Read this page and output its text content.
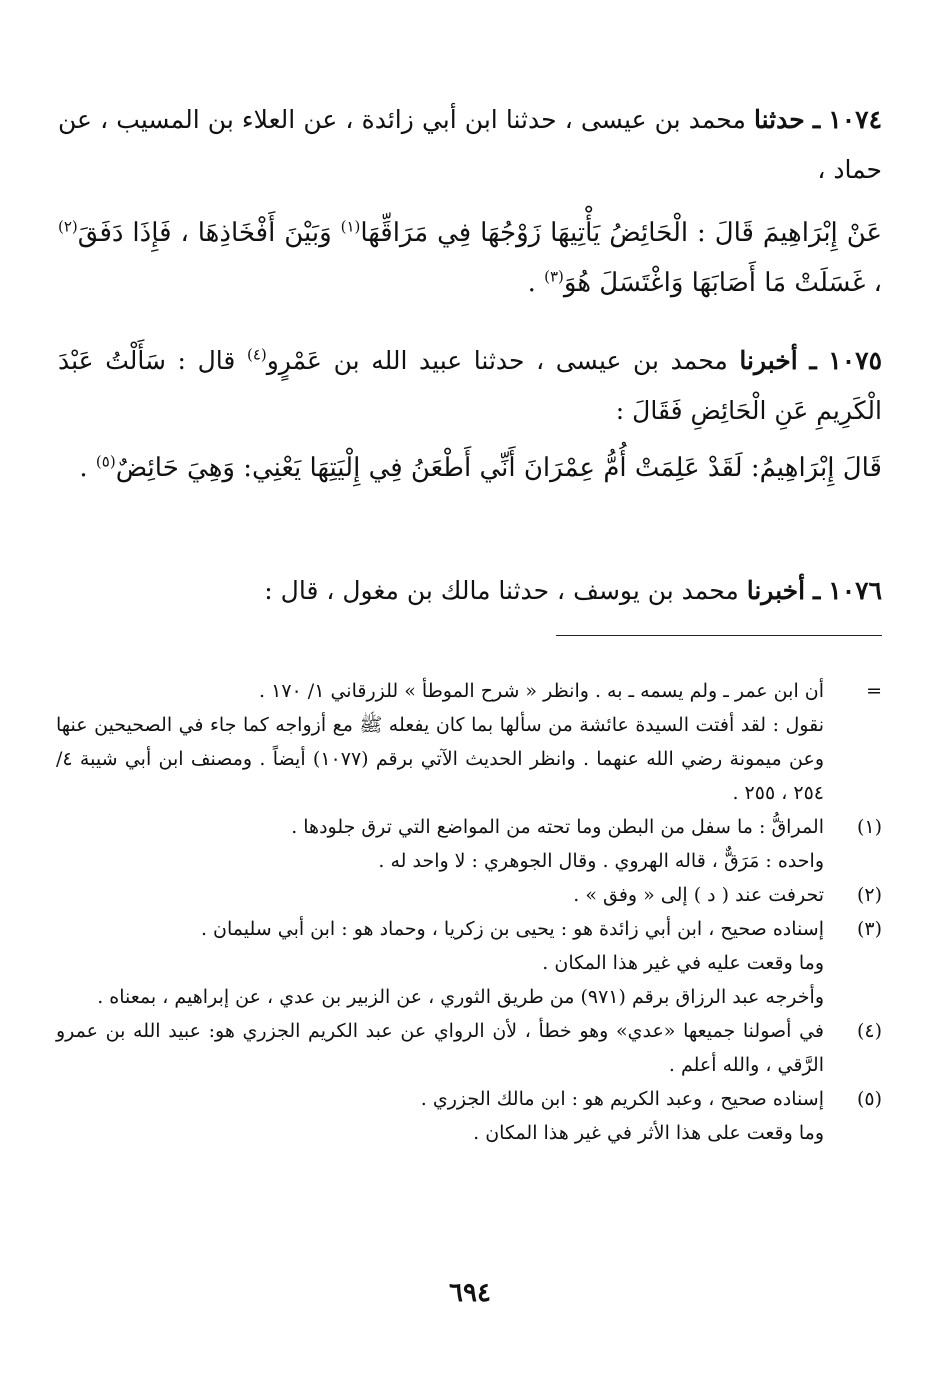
١٠٧٤ ـ حدثنا محمد بن عيسى ، حدثنا ابن أبي زائدة ، عن العلاء بن المسيب ، عن حماد ،
عَنْ إِبْرَاهِيمَ قَالَ : الْحَائِضُ يَأْتِيهَا زَوْجُهَا فِي مَرَاقِّهَا$^{(١)}$ وَبَيْنَ أَفْخَاذِهَا ، فَإِذَا دَفَقَ$^{(٢)}$ ، غَسَلَتْ مَا أَصَابَهَا وَاغْتَسَلَ هُوَ$^{(٣)}$ .
١٠٧٥ ـ أخبرنا محمد بن عيسى ، حدثنا عبيد الله بن عَمْرٍو$^{(٤)}$ قال : سَأَلْتُ عَبْدَ الْكَرِيمِ عَنِ الْحَائِضِ فَقَالَ :
قَالَ إِبْرَاهِيمُ: لَقَدْ عَلِمَتْ أُمُّ عِمْرَانَ أَنِّي أَطْعَنُ فِي إِلْيَتِهَا يَعْنِي: وَهِيَ حَائِضٌ$^{(٥)}$ .
١٠٧٦ ـ أخبرنا محمد بن يوسف ، حدثنا مالك بن مغول ، قال :
=

أن ابن عمر ـ ولم يسمه ـ به . وانظر « شرح الموطأ » للزرقاني ١/ ١٧٠ .

نقول : لقد أفتت السيدة عائشة من سألها بما كان يفعله ﷺ مع أزواجه كما جاء في الصحيحين عنها وعن ميمونة رضي الله عنهما . وانظر الحديث الآتي برقم (١٠٧٧) أيضاً . ومصنف ابن أبي شيبة ٤/ ٢٥٤ ، ٢٥٥ .

(١)

المراقُّ : ما سفل من البطن وما تحته من المواضع التي ترق جلودها .

واحده : مَرَقٌّ ، قاله الهروي . وقال الجوهري : لا واحد له .

(٢)

تحرفت عند ( د ) إلى « وفق » .

(٣)

إسناده صحيح ، ابن أبي زائدة هو : يحيى بن زكريا ، وحماد هو : ابن أبي سليمان .

وما وقعت عليه في غير هذا المكان .

وأخرجه عبد الرزاق برقم (٩٧١) من طريق الثوري ، عن الزبير بن عدي ، عن إبراهيم ، بمعناه .

(٤)

في أصولنا جميعها «عدي» وهو خطأ ، لأن الرواي عن عبد الكريم الجزري هو: عبيد الله بن عمرو الرَّقي ، والله أعلم .

(٥)

إسناده صحيح ، وعبد الكريم هو : ابن مالك الجزري .

وما وقعت على هذا الأثر في غير هذا المكان .

٦٩٤
